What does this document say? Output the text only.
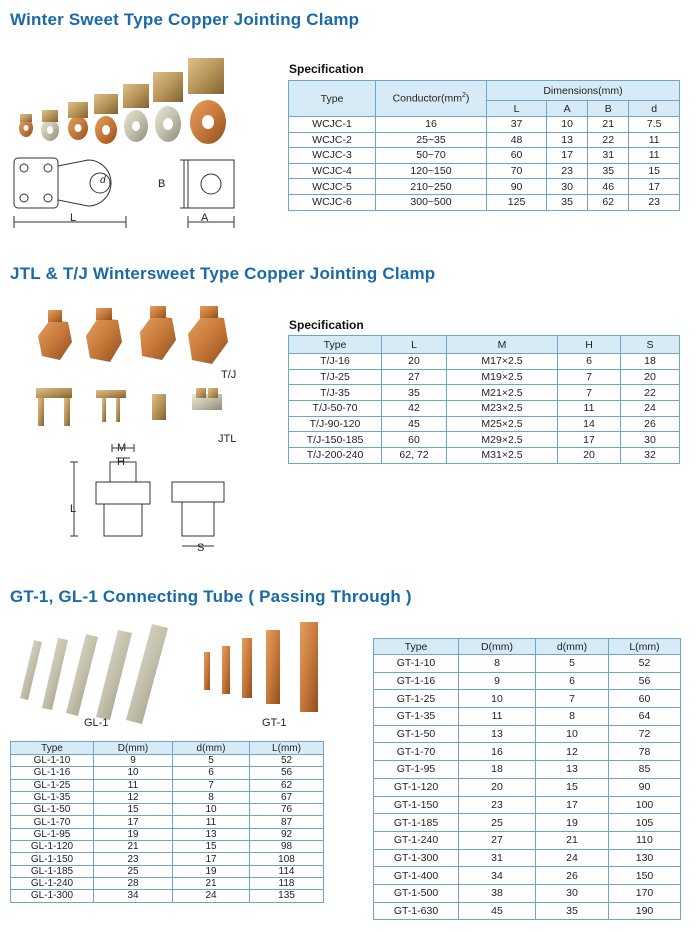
Winter Sweet Type Copper Jointing Clamp
d
L
B
A
Specification
Type	$Conductor(mm^2)$	Dimensions(mm)			
		L	A	B	d
WCJC-1	16	37	10	21	7.5
WCJC-2	25~35	48	13	22	11
WCJC-3	50~70	60	17	31	11
WCJC-4	120~150	70	23	35	15
WCJC-5	210~250	90	30	46	17
WCJC-6	300~500	125	35	62	23
JTL & T/J Wintersweet Type Copper Jointing Clamp
T/J
JTL
M
H
L
S
Specification
Type	L	M	H	S
T/J-16	20	M17×2.5	6	18
T/J-25	27	M19×2.5	7	20
T/J-35	35	M21×2.5	7	22
T/J-50-70	42	M23×2.5	11	24
T/J-90-120	45	M25×2.5	14	26
T/J-150-185	60	M29×2.5	17	30
T/J-200-240	62, 72	M31×2.5	20	32
GT-1, GL-1 Connecting Tube ( Passing Through )
GL-1	GT-1
Type	D(mm)	d(mm)	L(mm)
GL-1-10	9	5	52
GL-1-16	10	6	56
GL-1-25	11	7	62
GL-1-35	12	8	67
GL-1-50	15	10	76
GL-1-70	17	11	87
GL-1-95	19	13	92
GL-1-120	21	15	98
GL-1-150	23	17	108
GL-1-185	25	19	114
GL-1-240	28	21	118
GL-1-300	34	24	135
Type	D(mm)	d(mm)	L(mm)
GT-1-10	8	5	52
GT-1-16	9	6	56
GT-1-25	10	7	60
GT-1-35	11	8	64
GT-1-50	13	10	72
GT-1-70	16	12	78
GT-1-95	18	13	85
GT-1-120	20	15	90
GT-1-150	23	17	100
GT-1-185	25	19	105
GT-1-240	27	21	110
GT-1-300	31	24	130
GT-1-400	34	26	150
GT-1-500	38	30	170
GT-1-630	45	35	190
